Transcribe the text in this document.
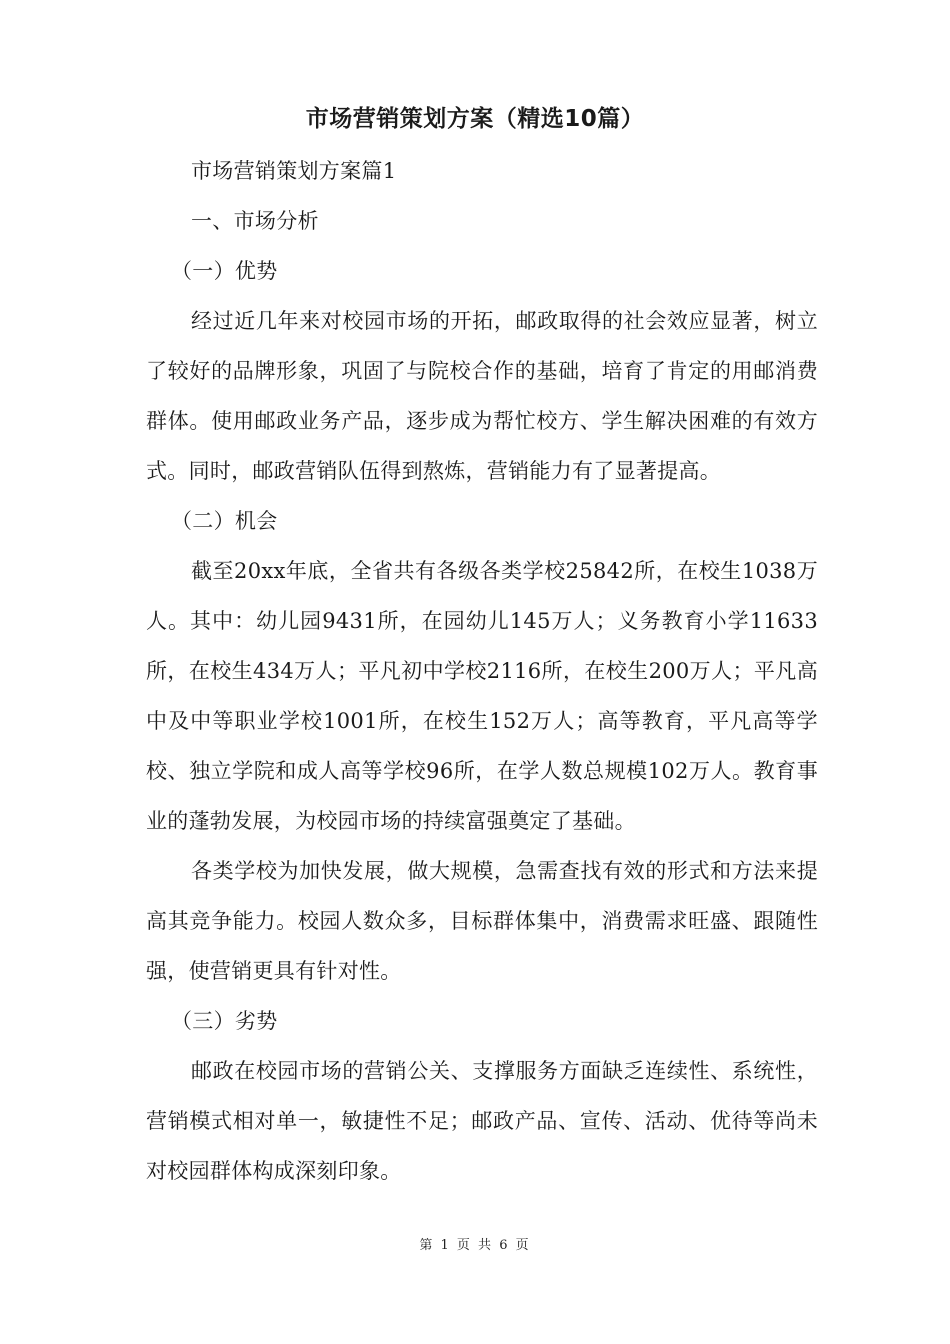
市场营销策划方案（精选10篇）

市场营销策划方案篇1

一、市场分析

（一）优势

经过近几年来对校园市场的开拓，邮政取得的社会效应显著，树立了较好的品牌形象，巩固了与院校合作的基础，培育了肯定的用邮消费群体。使用邮政业务产品，逐步成为帮忙校方、学生解决困难的有效方式。同时，邮政营销队伍得到熬炼，营销能力有了显著提高。

（二）机会

截至20xx年底，全省共有各级各类学校25842所，在校生1038万人。其中：幼儿园9431所，在园幼儿145万人；义务教育小学11633所，在校生434万人；平凡初中学校2116所，在校生200万人；平凡高中及中等职业学校1001所，在校生152万人；高等教育，平凡高等学校、独立学院和成人高等学校96所，在学人数总规模102万人。教育事业的蓬勃发展，为校园市场的持续富强奠定了基础。

各类学校为加快发展，做大规模，急需查找有效的形式和方法来提高其竞争能力。校园人数众多，目标群体集中，消费需求旺盛、跟随性强，使营销更具有针对性。

（三）劣势

邮政在校园市场的营销公关、支撑服务方面缺乏连续性、系统性，营销模式相对单一，敏捷性不足；邮政产品、宣传、活动、优待等尚未对校园群体构成深刻印象。

第 1 页 共 6 页
